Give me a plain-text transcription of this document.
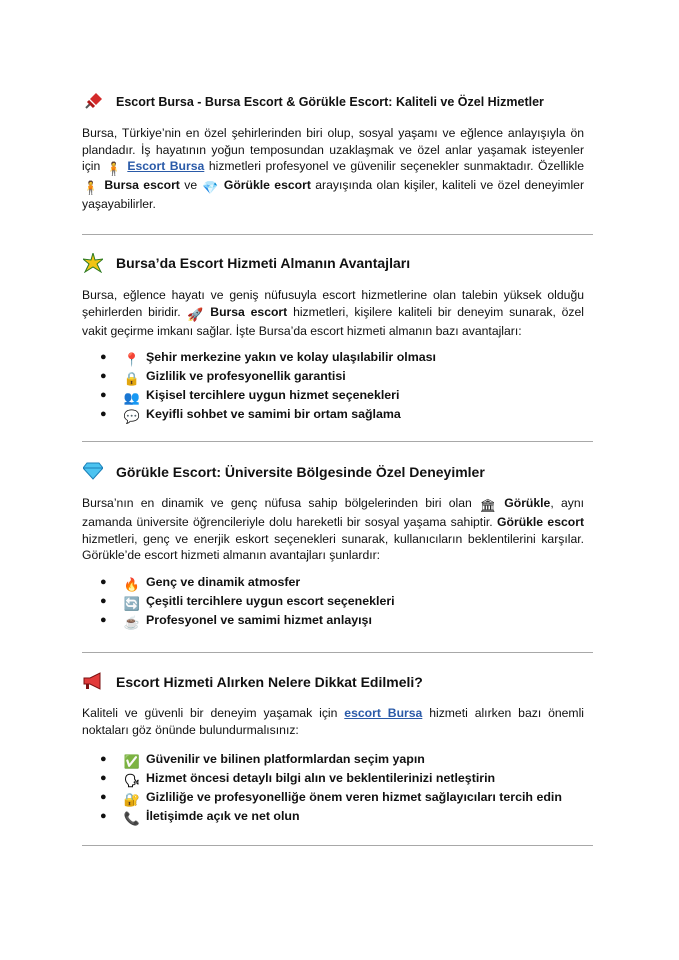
Escort Bursa - Bursa Escort & Görükle Escort: Kaliteli ve Özel Hizmetler

Bursa, Türkiye’nin en özel şehirlerinden biri olup, sosyal yaşamı ve eğlence anlayışıyla ön plandadır. İş hayatının yoğun temposundan uzaklaşmak ve özel anlar yaşamak isteyenler için 🧍 Escort Bursa hizmetleri profesyonel ve güvenilir seçenekler sunmaktadır. Özellikle 🧍 Bursa escort ve 💎 Görükle escort arayışında olan kişiler, kaliteli ve özel deneyimler yaşayabilirler.

Bursa’da Escort Hizmeti Almanın Avantajları

Bursa, eğlence hayatı ve geniş nüfusuyla escort hizmetlerine olan talebin yüksek olduğu şehirlerden biridir. 🚀 Bursa escort hizmetleri, kişilere kaliteli bir deneyim sunarak, özel vakit geçirme imkanı sağlar. İşte Bursa’da escort hizmeti almanın bazı avantajları:

● 📍 Şehir merkezine yakın ve kolay ulaşılabilir olması
● 🔒 Gizlilik ve profesyonellik garantisi
● 👥 Kişisel tercihlere uygun hizmet seçenekleri
● 💬 Keyifli sohbet ve samimi bir ortam sağlama
Görükle Escort: Üniversite Bölgesinde Özel Deneyimler

Bursa’nın en dinamik ve genç nüfusa sahip bölgelerinden biri olan 🏛 Görükle, aynı zamanda üniversite öğrencileriyle dolu hareketli bir sosyal yaşama sahiptir. Görükle escort hizmetleri, genç ve enerjik eskort seçenekleri sunarak, kullanıcıların beklentilerini karşılar. Görükle’de escort hizmeti almanın avantajları şunlardır:

● 🔥 Genç ve dinamik atmosfer
● 🔄 Çeşitli tercihlere uygun escort seçenekleri
● ☕ Profesyonel ve samimi hizmet anlayışı
Escort Hizmeti Alırken Nelere Dikkat Edilmeli?

Kaliteli ve güvenli bir deneyim yaşamak için escort Bursa hizmeti alırken bazı önemli noktaları göz önünde bulundurmalısınız:

● ✅ Güvenilir ve bilinen platformlardan seçim yapın
● 🗣 Hizmet öncesi detaylı bilgi alın ve beklentilerinizi netleştirin
● 🔐 Gizliliğe ve profesyonelliğe önem veren hizmet sağlayıcıları tercih edin
● 📞 İletişimde açık ve net olun
